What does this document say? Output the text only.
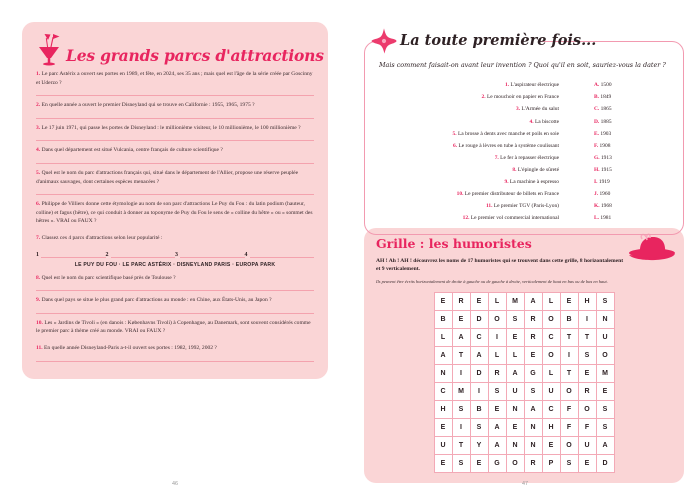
Les grands parcs d'attractions
1. Le parc Astérix a ouvert ses portes en 1989, et fête, en 2024, ses 35 ans ; mais quel est l'âge de la série créée par Goscinny et Uderzo ?
2. En quelle année a ouvert le premier Disneyland qui se trouve en Californie : 1955, 1965, 1975 ?
3. Le 17 juin 1971, qui passe les portes de Disneyland : le millionième visiteur, le 10 millionième, le 100 millionième ?
4. Dans quel département est situé Vulcania, centre français de culture scientifique ?
5. Quel est le nom du parc d'attractions français qui, situé dans le département de l'Allier, propose une réserve peuplée d'animaux sauvages, dont certaines espèces menacées ?
6. Philippe de Villiers donne cette étymologie au nom de son parc d'attractions Le Puy du Fou : du latin podium (hauteur, colline) et fagus (hêtre), ce qui conduit à donner au toponyme de Puy du Fou le sens de « colline du hêtre » ou « sommet des hêtres ». VRAI ou FAUX ?
7. Classez ces 4 parcs d'attractions selon leur popularité :
1	2	3	4
LE PUY DU FOU · LE PARC ASTÉRIX · DISNEYLAND PARIS · EUROPA PARK
8. Quel est le nom du parc scientifique basé près de Toulouse ?
9. Dans quel pays se situe le plus grand parc d'attractions au monde : en Chine, aux États-Unis, au Japon ?
10. Les « Jardins de Tivoli » (en danois : Københavns Tivoli) à Copenhague, au Danemark, sont souvent considérés comme le premier parc à thème créé au monde. VRAI ou FAUX ?
11. En quelle année Disneyland-Paris a-t-il ouvert ses portes : 1982, 1992, 2002 ?
46
La toute première fois...
Mais comment faisait-on avant leur invention ? Quoi qu'il en soit, sauriez-vous la dater ?
1. L'aspirateur électrique	A. 1500
2. Le mouchoir en papier en France	B. 1849
3. L'Armée du salut	C. 1865
4. La biscotte	D. 1885
5. La brosse à dents avec manche et poils en soie	E. 1903
6. Le rouge à lèvres en tube à système coulissant	F. 1908
7. Le fer à repasser électrique	G. 1913
8. L'épingle de sûreté	H. 1915
9. La machine à espresso	I. 1919
10. Le premier distributeur de billets en France	J. 1960
11. Le premier TGV (Paris-Lyon)	K. 1968
12. Le premier vol commercial international	L. 1981
Grille : les humoristes
AH ! Ah ! AH ! découvrez les noms de 17 humoristes qui se trouvent dans cette grille, 8 horizontalement et 9 verticalement.
Ils peuvent être écrits horizontalement de droite à gauche ou de gauche à droite, verticalement de haut en bas ou de bas en haut.
E	R	E	L	M	A	L	E	H	S
B	E	D	O	S	R	O	B	I	N
L	A	C	I	E	R	C	T	T	U
A	T	A	L	L	E	O	I	S	O
N	I	D	R	A	G	L	T	E	M
C	M	I	S	U	S	U	O	R	E
H	S	B	E	N	A	C	F	O	S
E	I	S	A	E	N	H	F	F	S
U	T	Y	A	N	N	E	O	U	A
E	S	E	G	O	R	P	S	E	D
47
